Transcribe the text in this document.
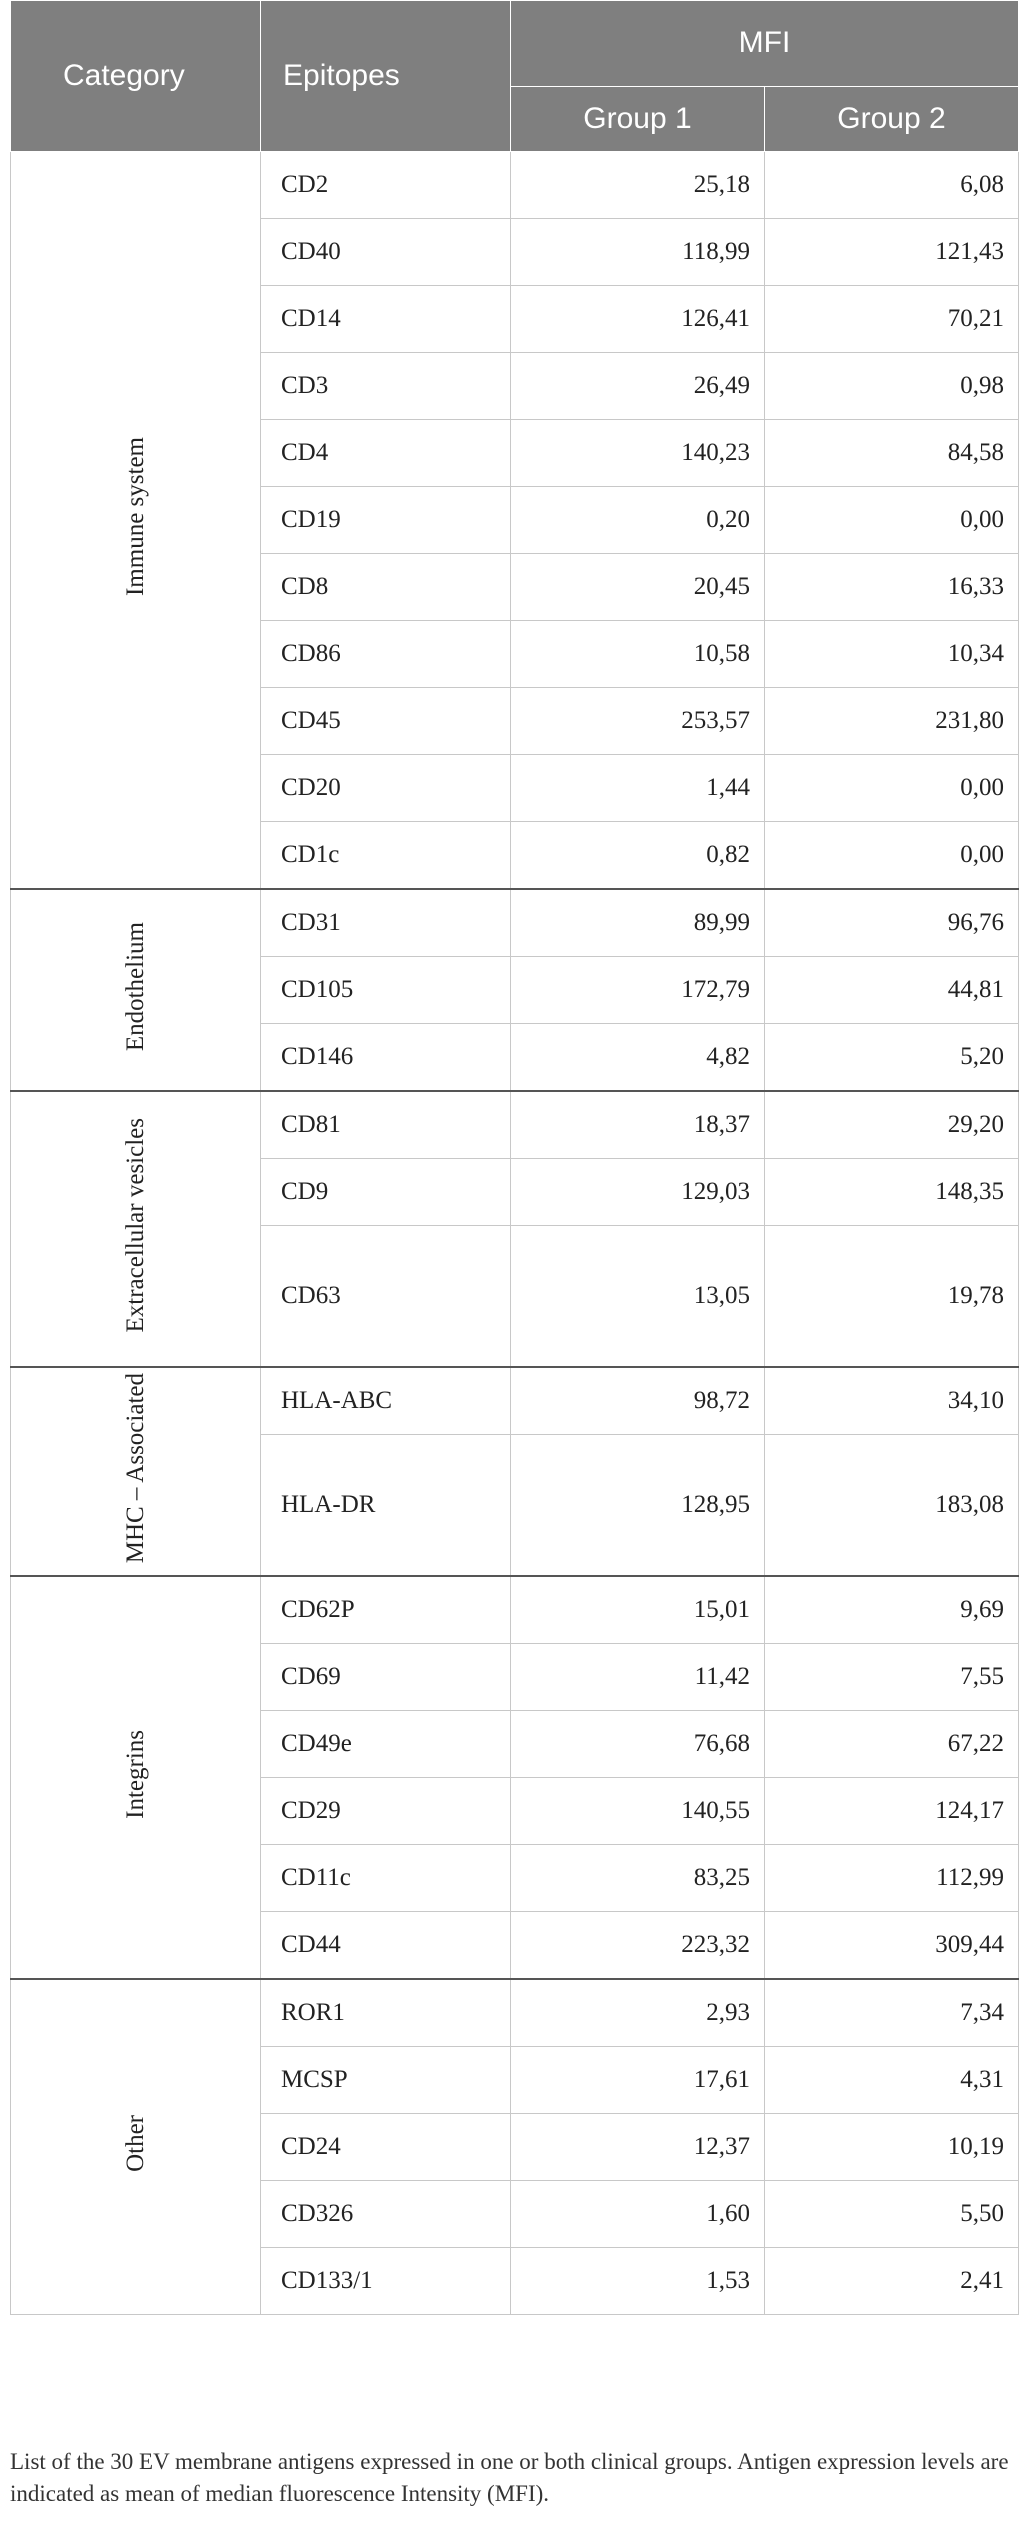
Category	Epitopes	MFI	
		Group 1	Group 2
Immune system	CD2	25,18	6,08
	CD40	118,99	121,43
	CD14	126,41	70,21
	CD3	26,49	0,98
	CD4	140,23	84,58
	CD19	0,20	0,00
	CD8	20,45	16,33
	CD86	10,58	10,34
	CD45	253,57	231,80
	CD20	1,44	0,00
	CD1c	0,82	0,00
Endothelium	CD31	89,99	96,76
	CD105	172,79	44,81
	CD146	4,82	5,20
Extracellular vesicles	CD81	18,37	29,20
	CD9	129,03	148,35
	CD63	13,05	19,78
MHC – Associated	HLA-ABC	98,72	34,10
	HLA-DR	128,95	183,08
Integrins	CD62P	15,01	9,69
	CD69	11,42	7,55
	CD49e	76,68	67,22
	CD29	140,55	124,17
	CD11c	83,25	112,99
	CD44	223,32	309,44
Other	ROR1	2,93	7,34
	MCSP	17,61	4,31
	CD24	12,37	10,19
	CD326	1,60	5,50
	CD133/1	1,53	2,41

List of the 30 EV membrane antigens expressed in one or both clinical groups. Antigen expression levels are indicated as mean of median fluorescence Intensity (MFI).
